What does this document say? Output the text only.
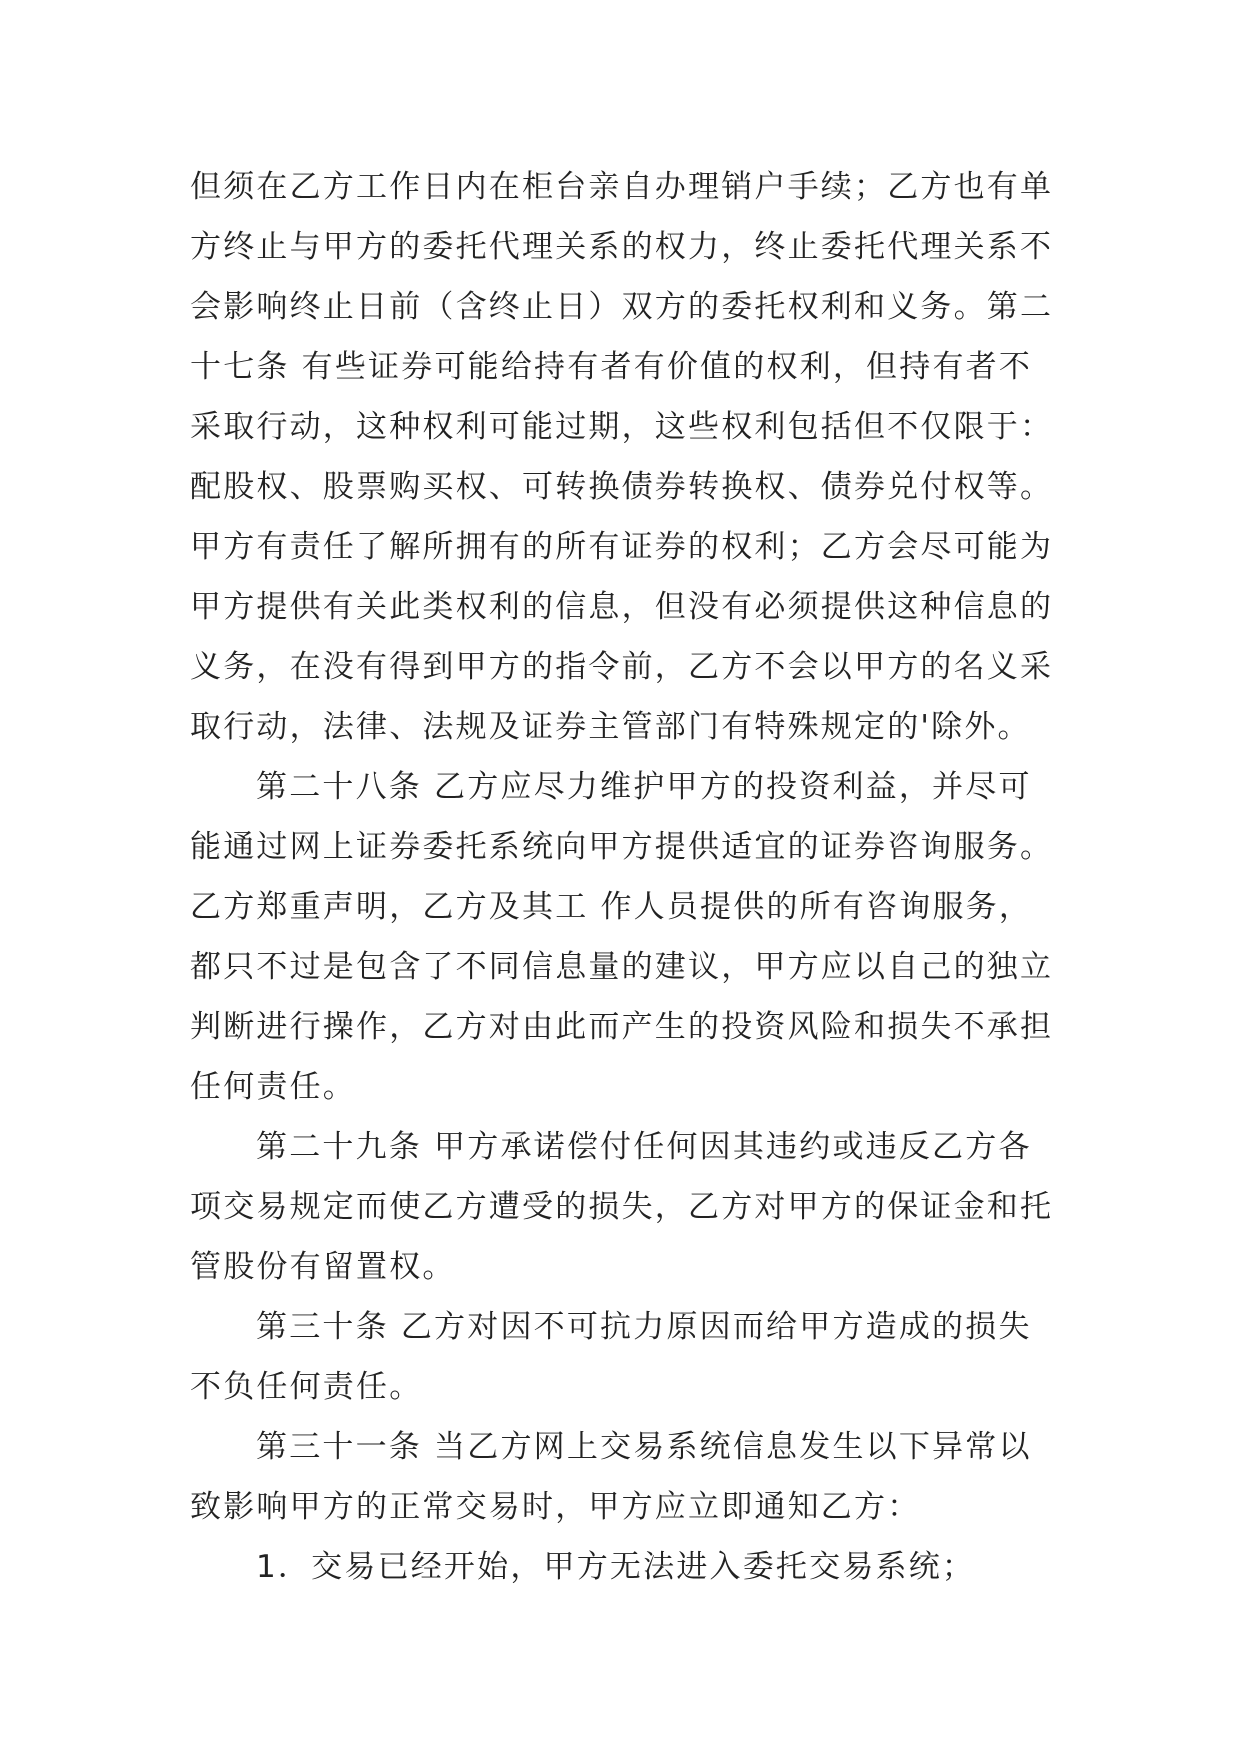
但须在乙方工作日内在柜台亲自办理销户手续；乙方也有单
方终止与甲方的委托代理关系的权力，终止委托代理关系不
会影响终止日前（含终止日）双方的委托权利和义务。第二
十七条 有些证券可能给持有者有价值的权利，但持有者不
采取行动，这种权利可能过期，这些权利包括但不仅限于：
配股权、股票购买权、可转换债券转换权、债券兑付权等。
甲方有责任了解所拥有的所有证券的权利；乙方会尽可能为
甲方提供有关此类权利的信息，但没有必须提供这种信息的
义务，在没有得到甲方的指令前，乙方不会以甲方的名义采
取行动，法律、法规及证券主管部门有特殊规定的'除外。
第二十八条 乙方应尽力维护甲方的投资利益，并尽可
能通过网上证券委托系统向甲方提供适宜的证券咨询服务。
乙方郑重声明，乙方及其工 作人员提供的所有咨询服务，
都只不过是包含了不同信息量的建议，甲方应以自己的独立
判断进行操作，乙方对由此而产生的投资风险和损失不承担
任何责任。
第二十九条 甲方承诺偿付任何因其违约或违反乙方各
项交易规定而使乙方遭受的损失，乙方对甲方的保证金和托
管股份有留置权。
第三十条 乙方对因不可抗力原因而给甲方造成的损失
不负任何责任。
第三十一条 当乙方网上交易系统信息发生以下异常以
致影响甲方的正常交易时，甲方应立即通知乙方：
1．交易已经开始，甲方无法进入委托交易系统；
